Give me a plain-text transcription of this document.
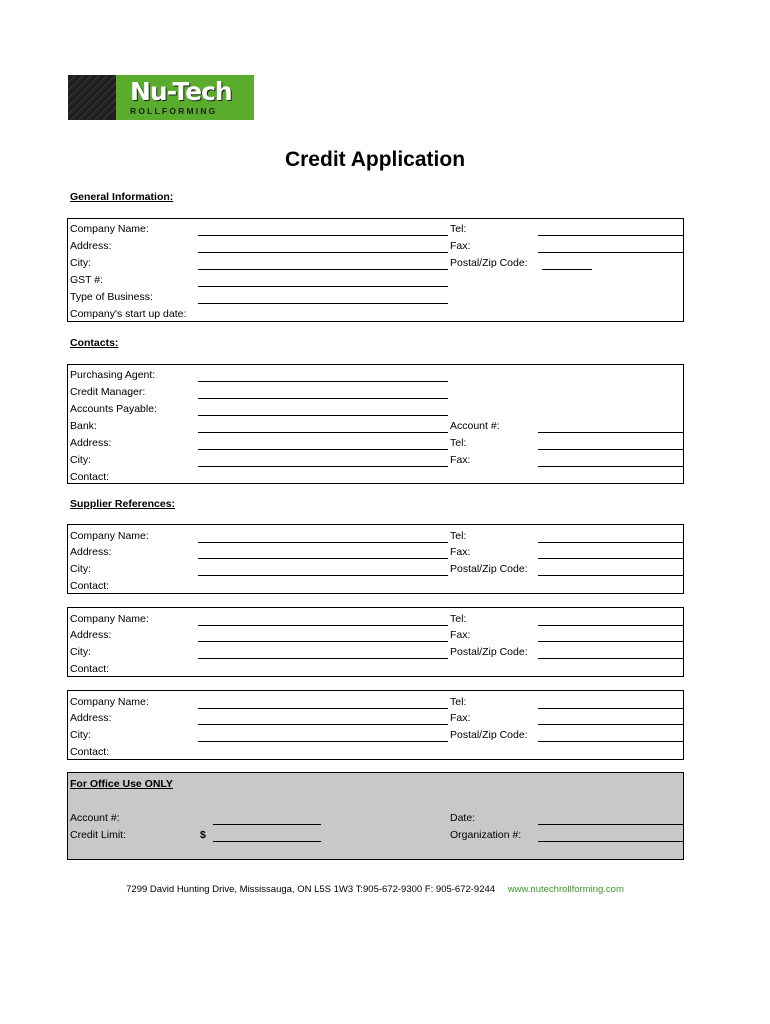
Nu-Tech
ROLLFORMING
Credit Application
General Information:
Company Name:
Address:
City:
GST #:
Type of Business:
Company's start up date:
Tel:
Fax:
Postal/Zip Code:
Contacts:
Purchasing Agent:
Credit Manager:
Accounts Payable:
Bank:
Address:
City:
Contact:
Account #:
Tel:
Fax:
Supplier References:
Company Name:
Address:
City:
Contact:
Tel:
Fax:
Postal/Zip Code:
Company Name:
Address:
City:
Contact:
Tel:
Fax:
Postal/Zip Code:
Company Name:
Address:
City:
Contact:
Tel:
Fax:
Postal/Zip Code:
For Office Use ONLY
Account #:
Credit Limit:	$
Date:
Organization #:
7299 David Hunting Drive, Mississauga, ON L5S 1W3 T:905-672-9300 F: 905-672-9244 www.nutechrollforming.com
